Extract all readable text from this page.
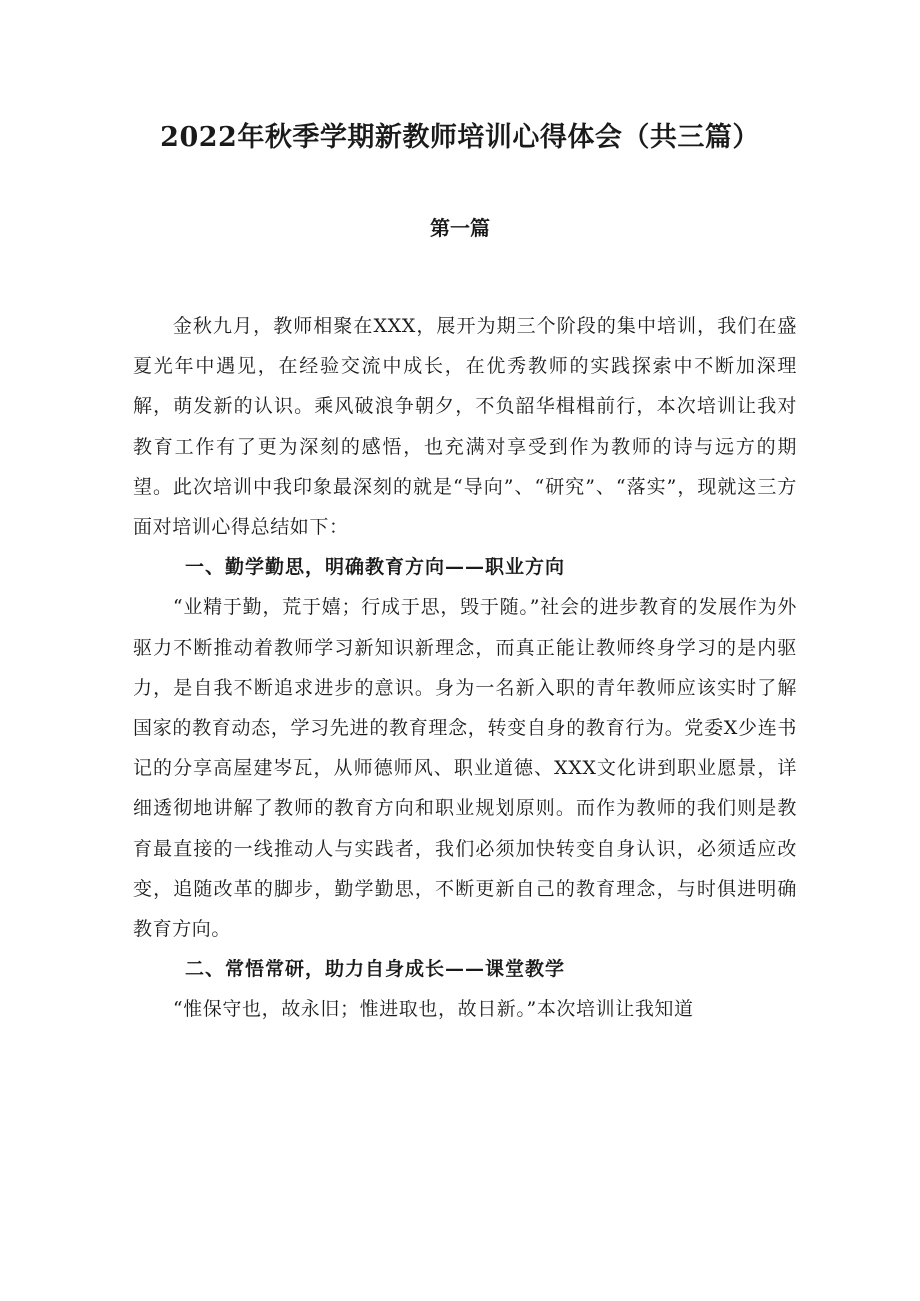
2022年秋季学期新教师培训心得体会（共三篇）
第一篇

金秋九月，教师相聚在XXX，展开为期三个阶段的集中培训，我们在盛夏光年中遇见，在经验交流中成长，在优秀教师的实践探索中不断加深理解，萌发新的认识。乘风破浪争朝夕，不负韶华楫楫前行，本次培训让我对教育工作有了更为深刻的感悟，也充满对享受到作为教师的诗与远方的期望。此次培训中我印象最深刻的就是“导向”、“研究”、“落实”，现就这三方面对培训心得总结如下：

一、勤学勤思，明确教育方向——职业方向

“业精于勤，荒于嬉；行成于思，毁于随。”社会的进步教育的发展作为外驱力不断推动着教师学习新知识新理念，而真正能让教师终身学习的是内驱力，是自我不断追求进步的意识。身为一名新入职的青年教师应该实时了解国家的教育动态，学习先进的教育理念，转变自身的教育行为。党委X少连书记的分享高屋建岑瓦，从师德师风、职业道德、XXX文化讲到职业愿景，详细透彻地讲解了教师的教育方向和职业规划原则。而作为教师的我们则是教育最直接的一线推动人与实践者，我们必须加快转变自身认识，必须适应改变，追随改革的脚步，勤学勤思，不断更新自己的教育理念，与时俱进明确教育方向。

二、常悟常研，助力自身成长——课堂教学

“惟保守也，故永旧；惟进取也，故日新。”本次培训让我知道
